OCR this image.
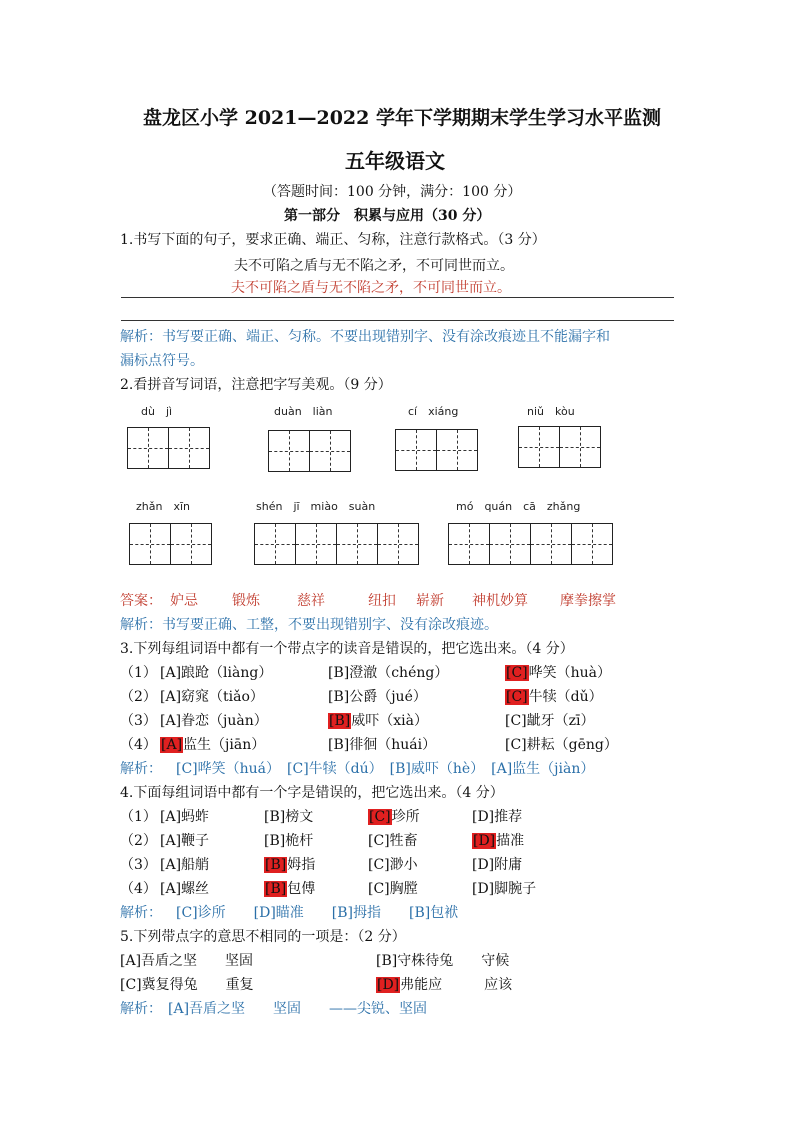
盘龙区小学 2021—2022 学年下学期期末学生学习水平监测
五年级语文
（答题时间：100 分钟，满分：100 分）
第一部分　积累与应用（30 分）
1.书写下面的句子，要求正确、端正、匀称，注意行款格式。（3 分）
夫不可陷之盾与无不陷之矛，不可同世而立。
夫不可陷之盾与无不陷之矛，不可同世而立。
解析：书写要正确、端正、匀称。不要出现错别字、没有涂改痕迹且不能漏字和
漏标点符号。
2.看拼音写词语，注意把字写美观。（9 分）
dù　jì	duàn　liàn	cí　xiáng	niǔ　kòu
zhǎn　xīn	shén　jī　miào　suàn	mó　quán　cā　zhǎng
答案： 妒忌 锻炼	慈祥	纽扣 崭新 神机妙算 摩拳擦掌
解析：书写要正确、工整，不要出现错别字、没有涂改痕迹。
3.下列每组词语中都有一个带点字的读音是错误的，把它选出来。（4 分）
（1） [A]踉跄（liàng）	[B]澄澈（chéng）	[C]哗笑（huà）
（2） [A]窈窕（tiǎo）	[B]公爵（jué）	[C]牛犊（dǔ）
（3） [A]眷恋（juàn）	[B]威吓（xià）	[C]龇牙（zī）
（4） [A]监生（jiān）	[B]徘徊（huái）	[C]耕耘（gēng）
解析： [C]哗笑（huá）　[C]牛犊（dú）　[B]威吓（hè）　[A]监生（jiàn）
4.下面每组词语中都有一个字是错误的，把它选出来。（4 分）
（1） [A]蚂蚱	[B]榜文	[C]珍所	[D]推荐
（2） [A]鞭子	[B]桅杆	[C]牲畜	[D]描准
（3） [A]船艄	[B]姆指	[C]渺小	[D]附庸
（4） [A]螺丝	[B]包傅	[C]胸膛	[D]脚腕子
解析： [C]诊所　　[D]瞄准　　[B]拇指　　[B]包袱
5.下列带点字的意思不相同的一项是：（2 分）
[A]吾盾之坚　　坚固	[B]守株待兔　　守候
[C]冀复得兔　　重复	[D]弗能应　　　应该
解析： [A]吾盾之坚　　坚固　　——尖锐、坚固
